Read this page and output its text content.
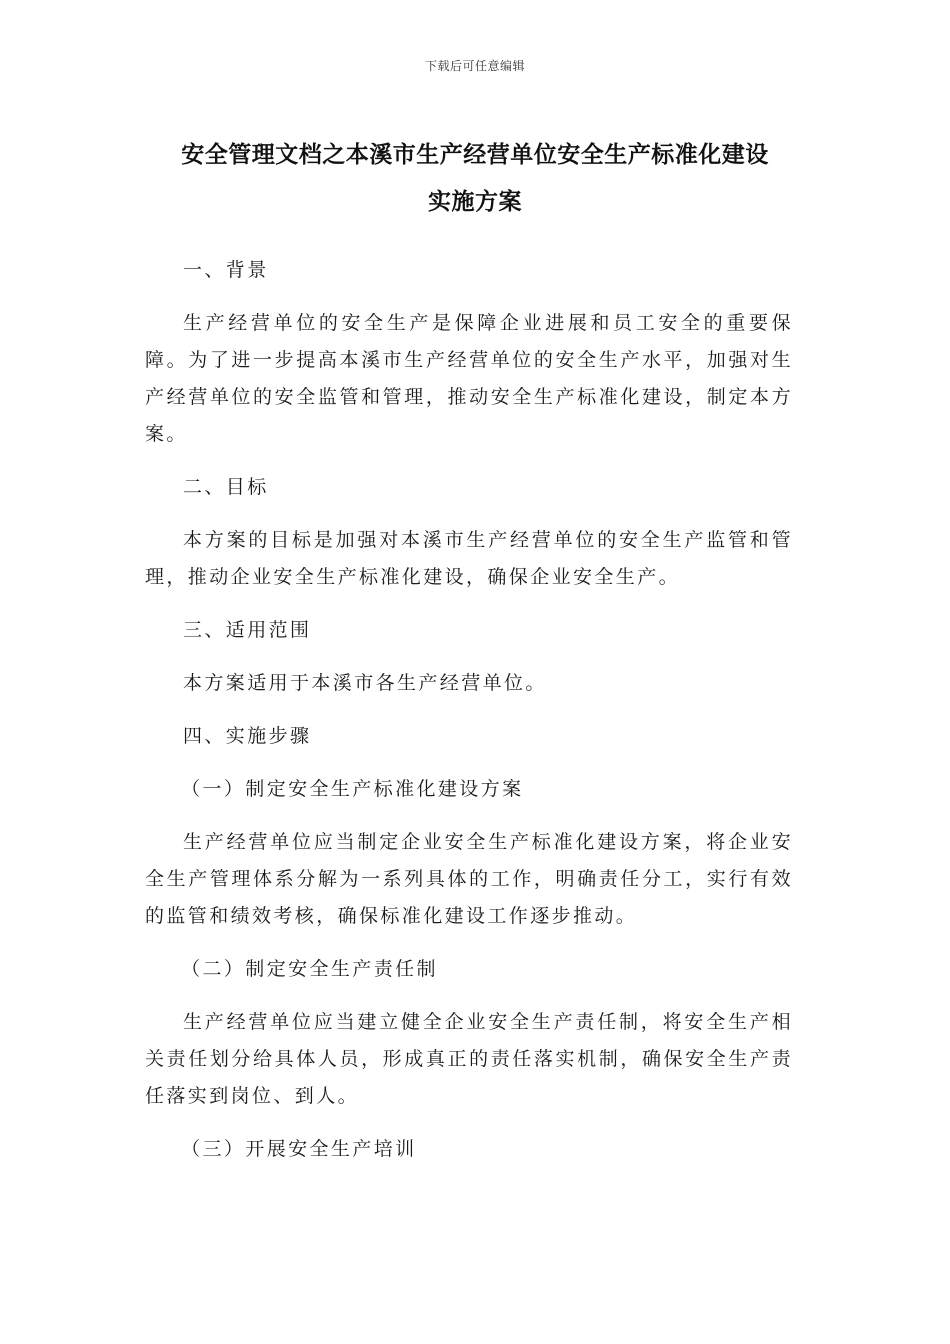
下载后可任意编辑
安全管理文档之本溪市生产经营单位安全生产标准化建设
实施方案

一、背景

生产经营单位的安全生产是保障企业进展和员工安全的重要保障。为了进一步提高本溪市生产经营单位的安全生产水平，加强对生产经营单位的安全监管和管理，推动安全生产标准化建设，制定本方案。

二、目标

本方案的目标是加强对本溪市生产经营单位的安全生产监管和管理，推动企业安全生产标准化建设，确保企业安全生产。

三、适用范围

本方案适用于本溪市各生产经营单位。

四、实施步骤

（一）制定安全生产标准化建设方案

生产经营单位应当制定企业安全生产标准化建设方案，将企业安全生产管理体系分解为一系列具体的工作，明确责任分工，实行有效的监管和绩效考核，确保标准化建设工作逐步推动。

（二）制定安全生产责任制

生产经营单位应当建立健全企业安全生产责任制，将安全生产相关责任划分给具体人员，形成真正的责任落实机制，确保安全生产责任落实到岗位、到人。

（三）开展安全生产培训
